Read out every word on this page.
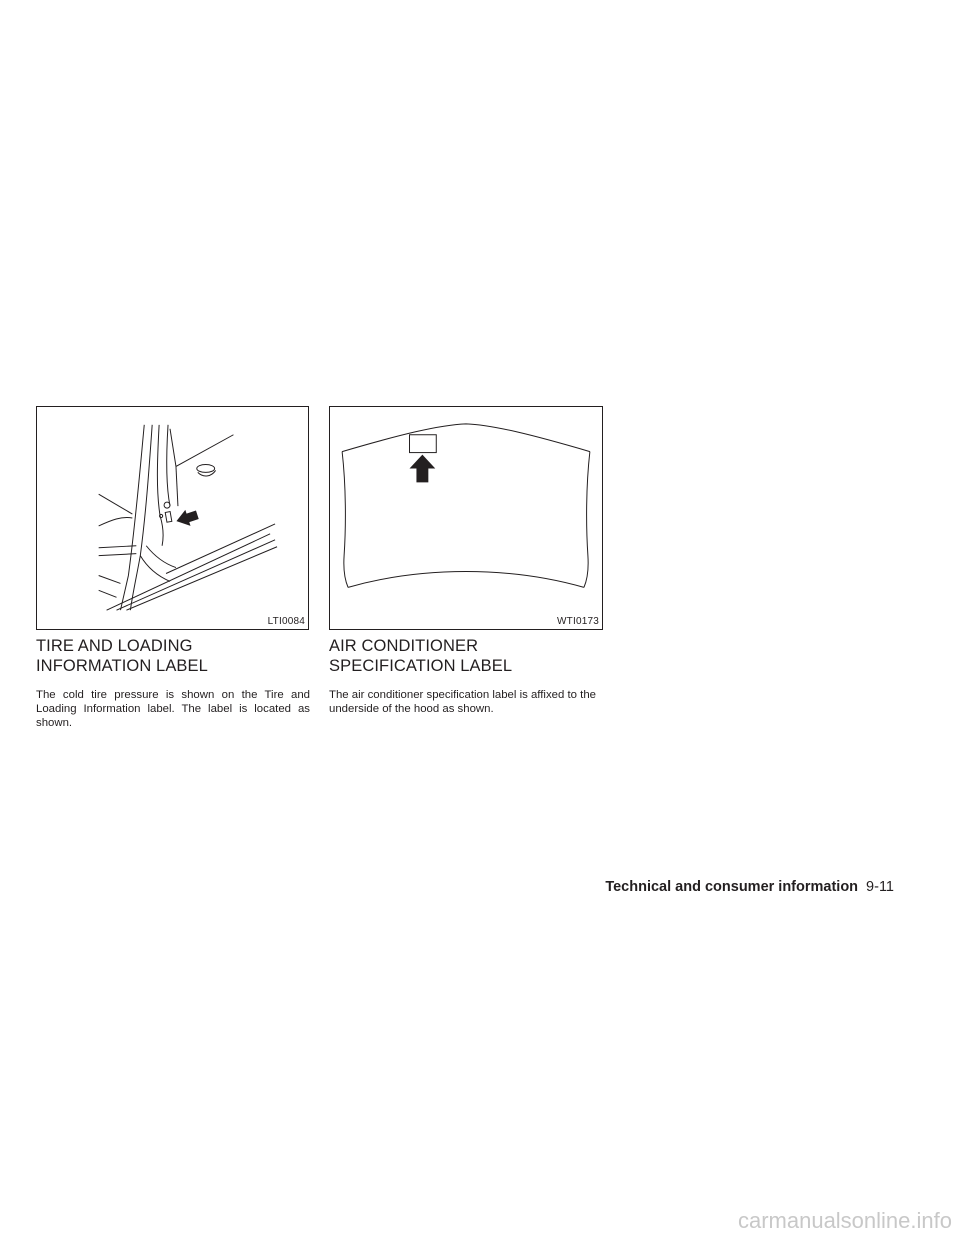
LTI0084	WTI0173
TIRE AND LOADING INFORMATION LABEL

The cold tire pressure is shown on the Tire and Loading Information label. The label is located as shown.

AIR CONDITIONER SPECIFICATION LABEL

The air conditioner specification label is affixed to the underside of the hood as shown.

Technical and consumer information 9-11
carmanualsonline.info
